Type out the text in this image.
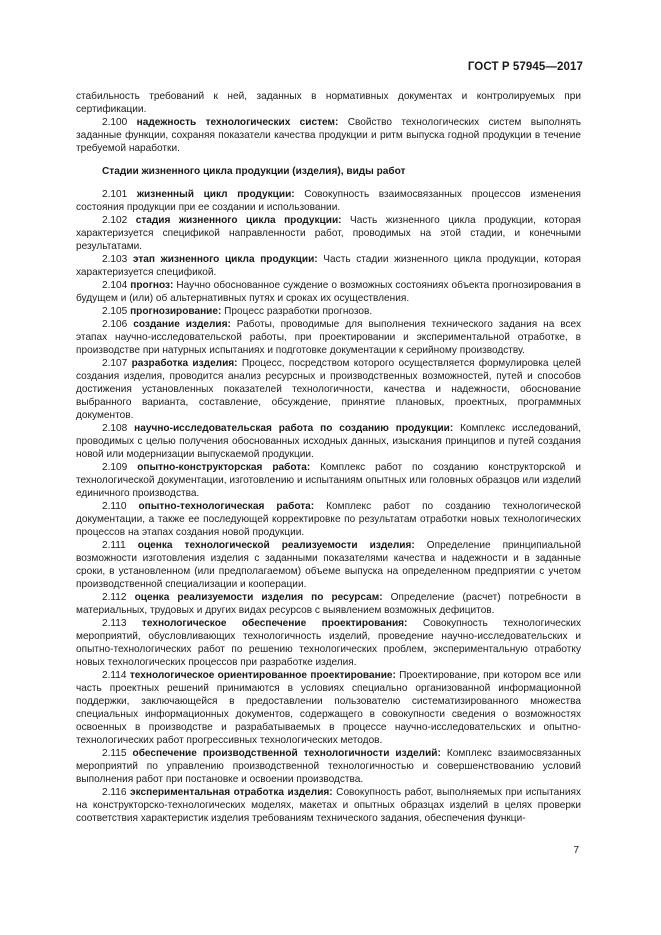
ГОСТ Р 57945—2017

стабильность требований к ней, заданных в нормативных документах и контролируемых при сертификации.

2.100 надежность технологических систем: Свойство технологических систем выполнять заданные функции, сохраняя показатели качества продукции и ритм выпуска годной продукции в течение требуемой наработки.

Стадии жизненного цикла продукции (изделия), виды работ

2.101 жизненный цикл продукции: Совокупность взаимосвязанных процессов изменения состояния продукции при ее создании и использовании.

2.102 стадия жизненного цикла продукции: Часть жизненного цикла продукции, которая характеризуется спецификой направленности работ, проводимых на этой стадии, и конечными результатами.

2.103 этап жизненного цикла продукции: Часть стадии жизненного цикла продукции, которая характеризуется спецификой.

2.104 прогноз: Научно обоснованное суждение о возможных состояниях объекта прогнозирования в будущем и (или) об альтернативных путях и сроках их осуществления.

2.105 прогнозирование: Процесс разработки прогнозов.

2.106 создание изделия: Работы, проводимые для выполнения технического задания на всех этапах научно-исследовательской работы, при проектировании и экспериментальной отработке, в производстве при натурных испытаниях и подготовке документации к серийному производству.

2.107 разработка изделия: Процесс, посредством которого осуществляется формулировка целей создания изделия, проводится анализ ресурсных и производственных возможностей, путей и способов достижения установленных показателей технологичности, качества и надежности, обоснование выбранного варианта, составление, обсуждение, принятие плановых, проектных, программных документов.

2.108 научно-исследовательская работа по созданию продукции: Комплекс исследований, проводимых с целью получения обоснованных исходных данных, изыскания принципов и путей создания новой или модернизации выпускаемой продукции.

2.109 опытно-конструкторская работа: Комплекс работ по созданию конструкторской и технологической документации, изготовлению и испытаниям опытных или головных образцов или изделий единичного производства.

2.110 опытно-технологическая работа: Комплекс работ по созданию технологической документации, а также ее последующей корректировке по результатам отработки новых технологических процессов на этапах создания новой продукции.

2.111 оценка технологической реализуемости изделия: Определение принципиальной возможности изготовления изделия с заданными показателями качества и надежности и в заданные сроки, в установленном (или предполагаемом) объеме выпуска на определенном предприятии с учетом производственной специализации и кооперации.

2.112 оценка реализуемости изделия по ресурсам: Определение (расчет) потребности в материальных, трудовых и других видах ресурсов с выявлением возможных дефицитов.

2.113 технологическое обеспечение проектирования: Совокупность технологических мероприятий, обусловливающих технологичность изделий, проведение научно-исследовательских и опытно-технологических работ по решению технологических проблем, экспериментальную отработку новых технологических процессов при разработке изделия.

2.114 технологическое ориентированное проектирование: Проектирование, при котором все или часть проектных решений принимаются в условиях специально организованной информационной поддержки, заключающейся в предоставлении пользователю систематизированного множества специальных информационных документов, содержащего в совокупности сведения о возможностях освоенных в производстве и разрабатываемых в процессе научно-исследовательских и опытно-технологических работ прогрессивных технологических методов.

2.115 обеспечение производственной технологичности изделий: Комплекс взаимосвязанных мероприятий по управлению производственной технологичностью и совершенствованию условий выполнения работ при постановке и освоении производства.

2.116 экспериментальная отработка изделия: Совокупность работ, выполняемых при испытаниях на конструкторско-технологических моделях, макетах и опытных образцах изделий в целях проверки соответствия характеристик изделия требованиям технического задания, обеспечения функци-

7
